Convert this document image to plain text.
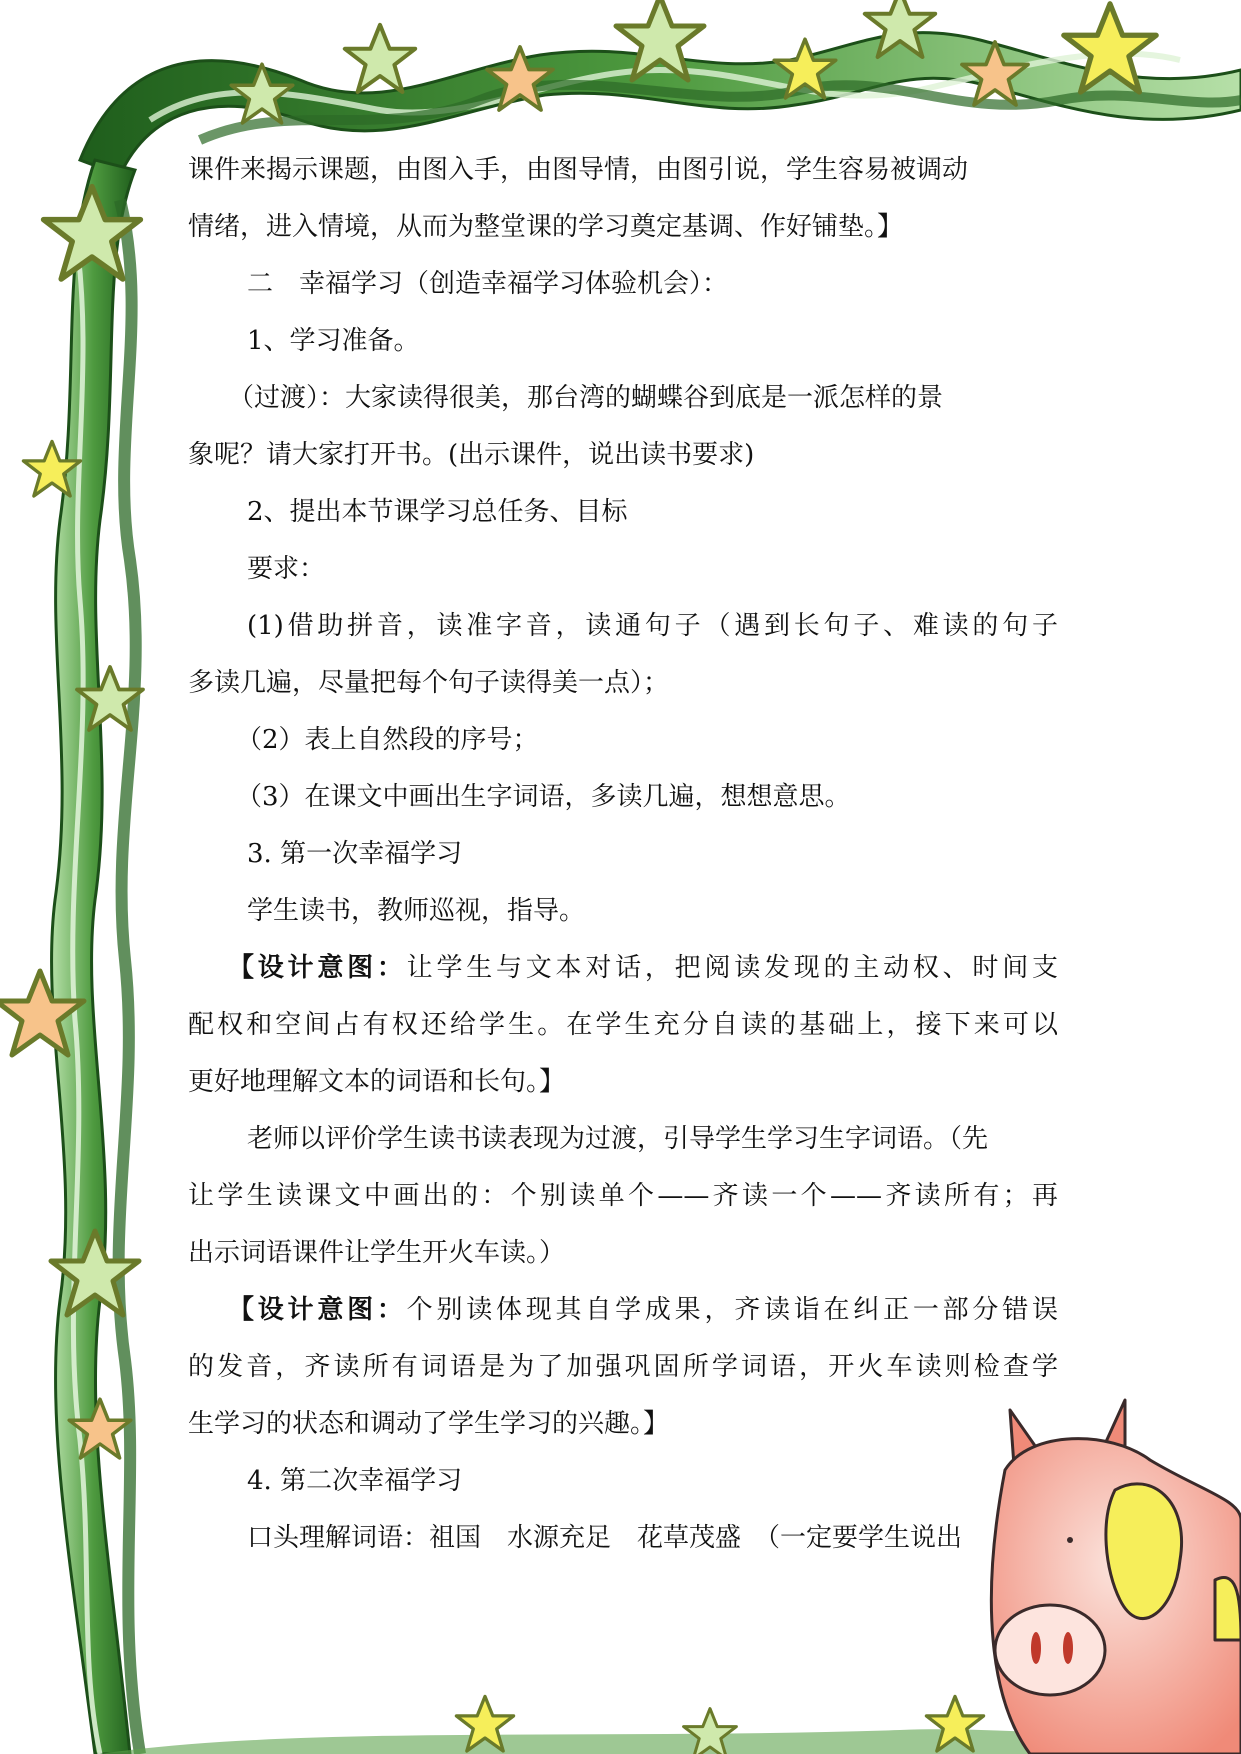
课件来揭示课题，由图入手，由图导情，由图引说，学生容易被调动

情绪，进入情境，从而为整堂课的学习奠定基调、作好铺垫。】

二　幸福学习（创造幸福学习体验机会）：

1、学习准备。

（过渡）：大家读得很美，那台湾的蝴蝶谷到底是一派怎样的景

象呢？请大家打开书。(出示课件，说出读书要求)

2、提出本节课学习总任务、目标

要求：

(1)借助拼音，读准字音，读通句子（遇到长句子、难读的句子

多读几遍，尽量把每个句子读得美一点）；

（2）表上自然段的序号；

（3）在课文中画出生字词语，多读几遍，想想意思。

3. 第一次幸福学习

学生读书，教师巡视，指导。

【设计意图：让学生与文本对话，把阅读发现的主动权、时间支

配权和空间占有权还给学生。在学生充分自读的基础上，接下来可以

更好地理解文本的词语和长句。】

老师以评价学生读书读表现为过渡，引导学生学习生字词语。（先

让学生读课文中画出的：个别读单个——齐读一个——齐读所有；再

出示词语课件让学生开火车读。）

【设计意图：个别读体现其自学成果，齐读诣在纠正一部分错误

的发音，齐读所有词语是为了加强巩固所学词语，开火车读则检查学

生学习的状态和调动了学生学习的兴趣。】

4. 第二次幸福学习

口头理解词语：祖国　水源充足　花草茂盛　（一定要学生说出
